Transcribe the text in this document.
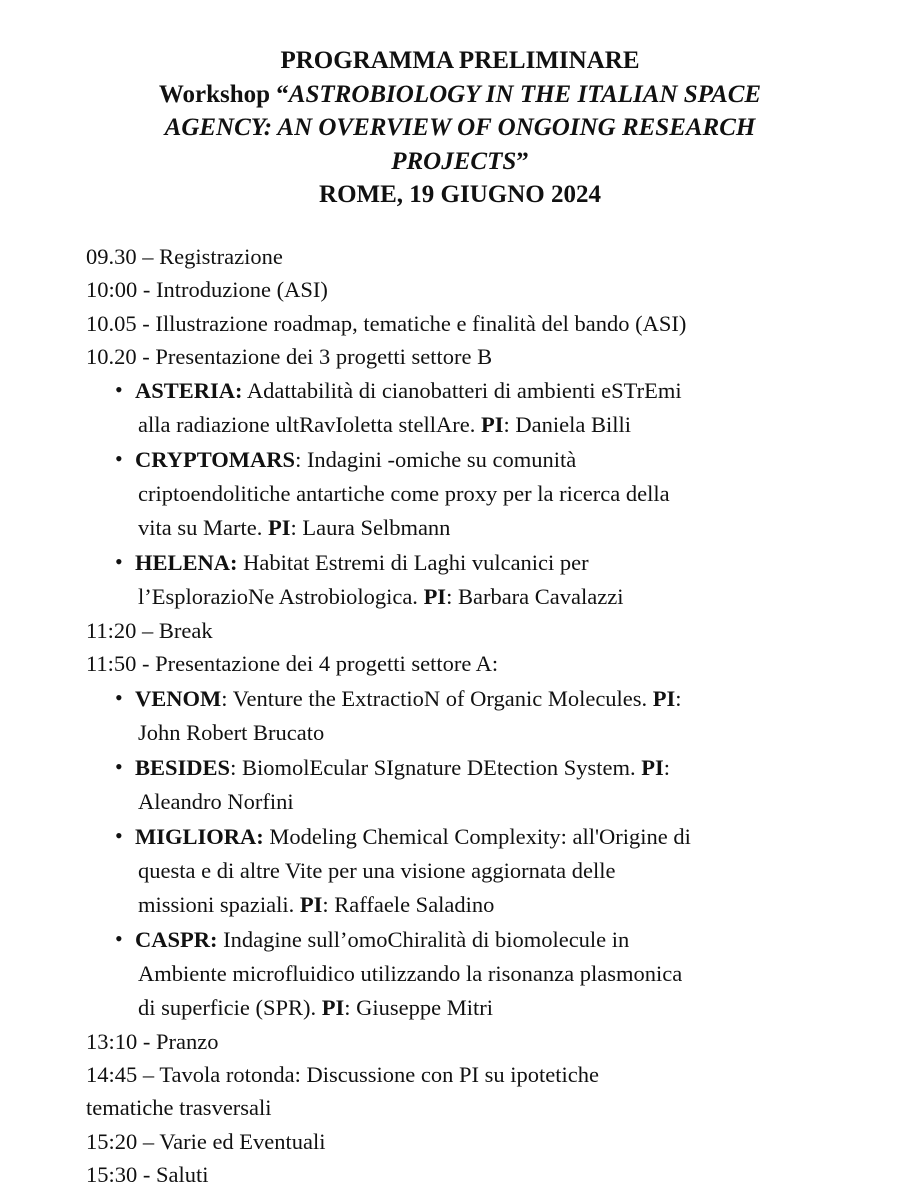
PROGRAMMA PRELIMINARE
Workshop “ASTROBIOLOGY IN THE ITALIAN SPACE
AGENCY: AN OVERVIEW OF ONGOING RESEARCH
PROJECTS”
ROME, 19 GIUGNO 2024
09.30 – Registrazione
10:00 - Introduzione (ASI)
10.05 - Illustrazione roadmap, tematiche e finalità del bando (ASI)
10.20 - Presentazione dei 3 progetti settore B
• ASTERIA: Adattabilità di cianobatteri di ambienti eSTrEmi
alla radiazione ultRavIoletta stellAre. PI: Daniela Billi
• CRYPTOMARS: Indagini -omiche su comunità
criptoendolitiche antartiche come proxy per la ricerca della
vita su Marte. PI: Laura Selbmann
• HELENA: Habitat Estremi di Laghi vulcanici per
l’EsplorazioNe Astrobiologica. PI: Barbara Cavalazzi
11:20 – Break
11:50 - Presentazione dei 4 progetti settore A:
• VENOM: Venture the ExtractioN of Organic Molecules. PI:
John Robert Brucato
• BESIDES: BiomolEcular SIgnature DEtection System. PI:
Aleandro Norfini
• MIGLIORA: Modeling Chemical Complexity: all'Origine di
questa e di altre Vite per una visione aggiornata delle
missioni spaziali. PI: Raffaele Saladino
• CASPR: Indagine sull’omoChiralità di biomolecule in
Ambiente microfluidico utilizzando la risonanza plasmonica
di superficie (SPR). PI: Giuseppe Mitri
13:10 - Pranzo
14:45 – Tavola rotonda: Discussione con PI su ipotetiche
tematiche trasversali
15:20 – Varie ed Eventuali
15:30 - Saluti
